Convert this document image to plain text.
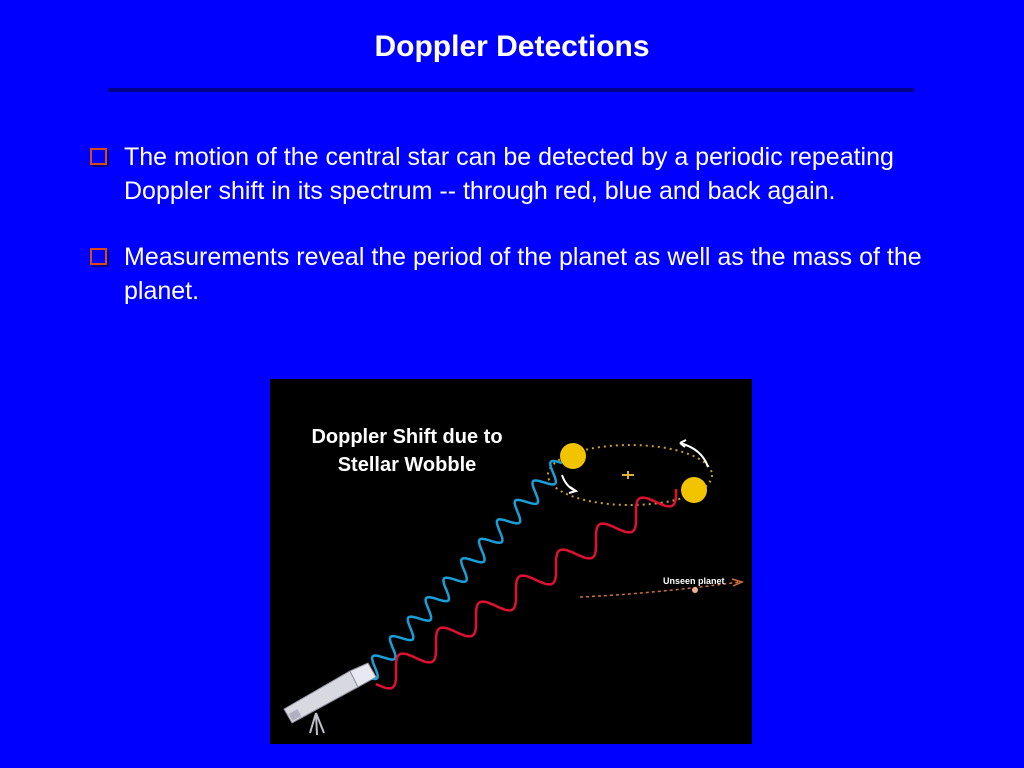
Doppler Detections
The motion of the central star can be detected by a periodic repeating Doppler shift in its spectrum -- through red, blue and back again.
Measurements reveal the period of the planet as well as the mass of the planet.
Doppler Shift due to
Stellar Wobble
Unseen planet
